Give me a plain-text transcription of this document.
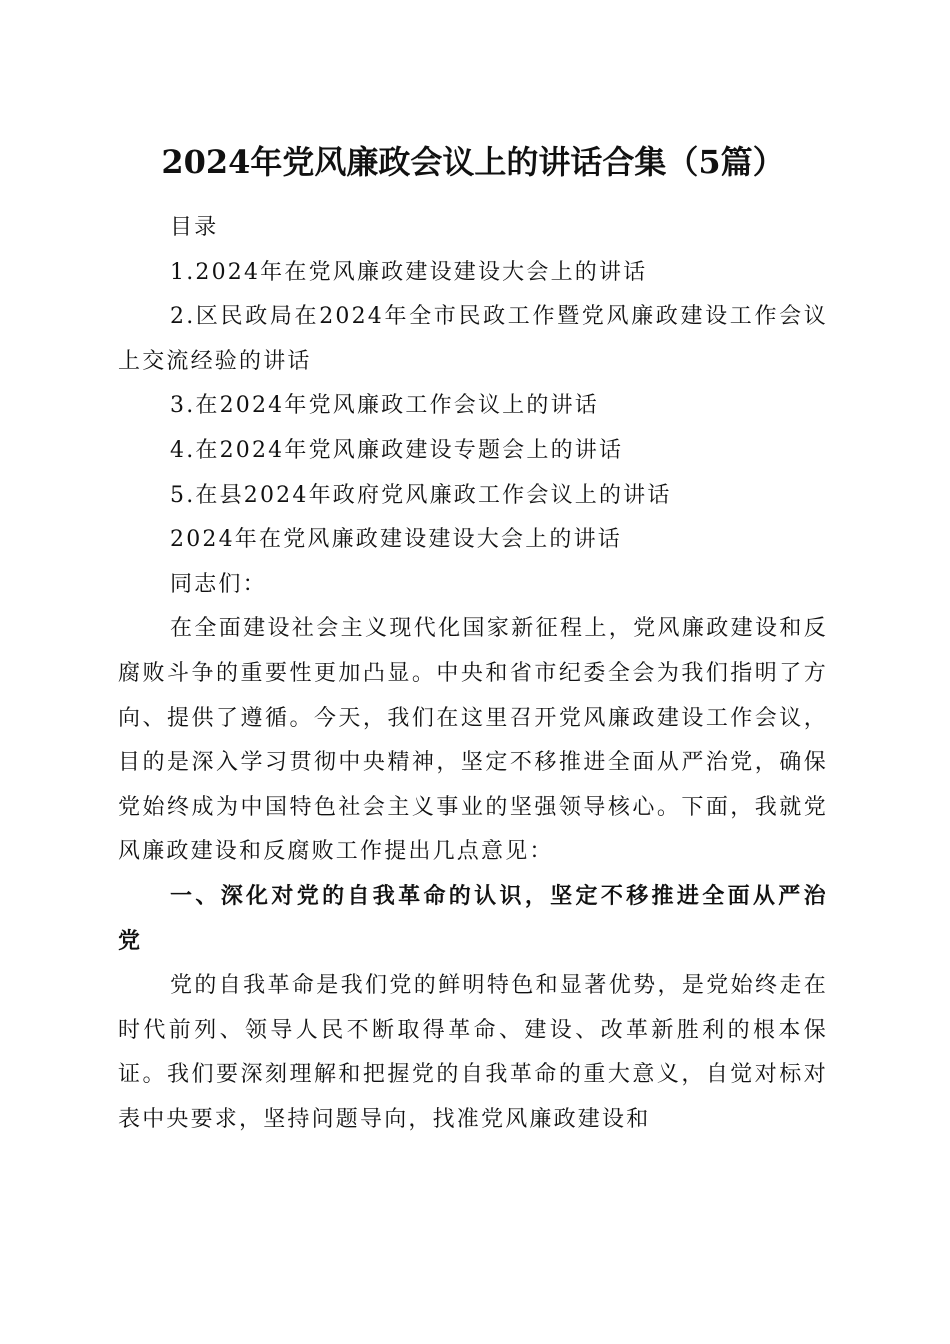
2024年党风廉政会议上的讲话合集（5篇）

目录

1.2024年在党风廉政建设建设大会上的讲话

2.区民政局在2024年全市民政工作暨党风廉政建设工作会议上交流经验的讲话

3.在2024年党风廉政工作会议上的讲话

4.在2024年党风廉政建设专题会上的讲话

5.在县2024年政府党风廉政工作会议上的讲话

2024年在党风廉政建设建设大会上的讲话

同志们：

在全面建设社会主义现代化国家新征程上，党风廉政建设和反腐败斗争的重要性更加凸显。中央和省市纪委全会为我们指明了方向、提供了遵循。今天，我们在这里召开党风廉政建设工作会议，目的是深入学习贯彻中央精神，坚定不移推进全面从严治党，确保党始终成为中国特色社会主义事业的坚强领导核心。下面，我就党风廉政建设和反腐败工作提出几点意见：

一、深化对党的自我革命的认识，坚定不移推进全面从严治党

党的自我革命是我们党的鲜明特色和显著优势，是党始终走在时代前列、领导人民不断取得革命、建设、改革新胜利的根本保证。我们要深刻理解和把握党的自我革命的重大意义，自觉对标对表中央要求，坚持问题导向，找准党风廉政建设和
